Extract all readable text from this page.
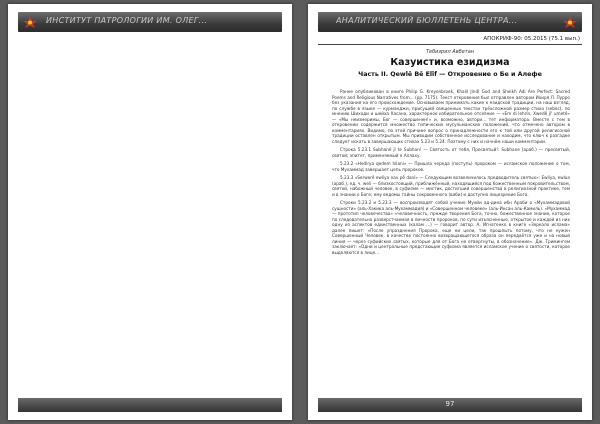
ИНСТИТУТ ПАТРОЛОГИИ ИМ. ОЛЕГ...	АНАЛИТИЧЕСКИЙ БЮЛЛЕТЕНЬ ЦЕНТРА...
АПОКРИФ-90: 05.2015 (75.1 вып.)
Тебизрил Авбетан
Казуистика езидизма
Часть II. Qewlê Bê Elîf — Откровение о Бе и Алефе

Ранее опубликован в книге Philip G. Kreyenbroek, Khalil Jindî God and Sheikh Adi Are Perfect: Sacred Poems and Religious Narratives from... (pp. 7175). Текст откровения был отправлен автором Ихиря Л. Пурро без указания на его происхождение. Основываем принимать какие к езидской традиции, на наш взгляд, по службе в языке — курманджи, присущей священных текстах трёхсложной размер стиха (sebec), по мнению Шиходи и шейха Хасана, характерное избирательное отсеяние — «Em di lehrîn, Xwedê jî' umetê» — «Мы неизмеримы, Бог — совершенен!» и, возможно, автори... тет информатора. Вместе с тем в откровении содержится множество типических мусульманских положений, что отмечено автором в комментариях. Видимо, по этой причине вопрос о принадлежности его к той или другой религиозной традиции оставлен открытым. Мы приводим собственное исследование и находим, что ключ к разгадке следует искать в завершающих стихах 5.23 и 5.24. Поэтому с них и начнём наши комментарии.

Строка 5.23.1 Subhanê jî te Subhan! — Святость от тебя, Пресвятый!: Subhane (араб.) — пресвятый, святой; эпитет, применяемый к Аллаху.

5.23.2 «Hedirya qedem hilani» — Пришла череда (поступь) пророком — исламское положение о том, что Мухаммад завершает цепь пророков.

5.23.3 «Serwerê ewliya nav pê danî» — Следующим возвеличилось предводитель святых»: Ewliya, ewlua (араб.), ед. ч. weli — близкостоящий, приближённый, находящийся под божественным покровительством, святой, набожный человек, в суфизме — мистик, достигший совершенства в религиозной практике, тем и в знании о Боге; ему ведомы тайны сокровенного (ваби) и доступно лицезрение Бога.

Строки 5.23.2 и 5.23.3 — воспроизводят собой учение Мухйи ад-дина ибн Араби о «Мухаммадовой сущности» (аль-Хакика аль-Мухаммадия) и «Совершенном человеке» (аль-Инсан аль-Камиль). «Мухаммад — прототип человечества» «человечность, прежде творения Бога, точно, божественное знание, которое по следовательно разверстчаемая в личности пророков, по сути изъясненные, открытое и каждой из них одну из аспектов единственных (калам ...) — говорит автор. А. Игнатенко в книге «Зеркало ислама» далее пишет: «После упразднения Пророка, еще ни цели, так прошлыть потому, что не нужен Совершенный Человек, в качестве постоянно возвращающегося образа он передаётся уже и на новый линия — через суфийских святых, которые для от Бога не отвергнуты, в обозначение». Дж. Тримингем заключает: «Одни и центральные предстающие суфизма является исламское учение о святости, которое выделяются в лице...

97
